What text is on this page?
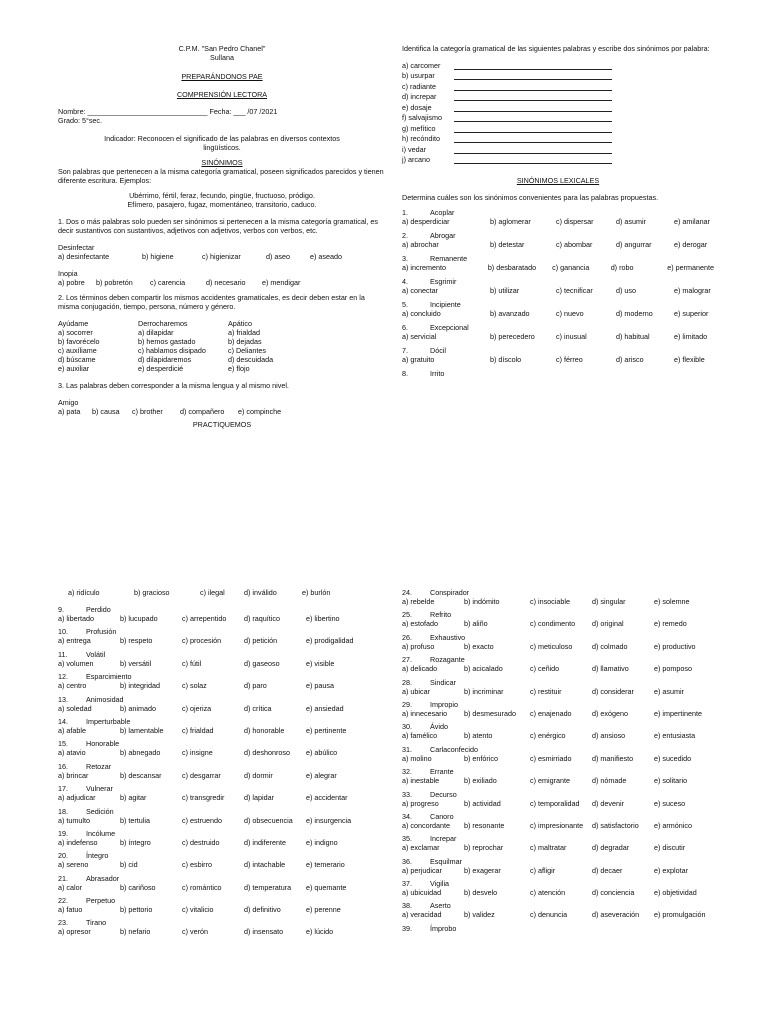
C.P.M. "San Pedro Chanel"

Sullana

PREPARÁNDONOS PAE

COMPRENSIÓN LECTORA

Nombre: ______________________________ Fecha: ___ /07 /2021

Grado: 5°sec.

Indicador: Reconocen el significado de las palabras en diversos contextos lingüísticos.

SINÓNIMOS

Son palabras que pertenecen a la misma categoría gramatical, poseen significados parecidos y tienen diferente escritura. Ejemplos:

Ubérrimo, fértil, feraz, fecundo, pingüe, fructuoso, pródigo.

Efímero, pasajero, fugaz, momentáneo, transitorio, caduco.

1. Dos o más palabras solo pueden ser sinónimos si pertenecen a la misma categoría gramatical, es decir sustantivos con sustantivos, adjetivos con adjetivos, verbos con verbos, etc.

Desinfectar

a) desinfectante	b) higiene	c) higienizar	d) aseo	e) aseado

Inopia

a) pobre	b) pobretón	c) carencia	d) necesario	e) mendigar

2. Los términos deben compartir los mismos accidentes gramaticales, es decir deben estar en la misma conjugación, tiempo, persona, número y género.

Ayúdame	Derrocharemos	Apático
a) socorrer	a) dilapidar	a) frialdad
b) favorécelo	b) hemos gastado	b) dejadas
c) auxíliame	c) hablamos disipado	c) Deliantes
d) búscame	d) dilapidaremos	d) descuidada
e) auxiliar	e) desperdicié	e) flojo

3. Las palabras deben corresponder a la misma lengua y al mismo nivel.

Amigo

a) pata	b) causa	c) brother	d) compañero	e) compinche

PRACTIQUEMOS

Identifica la categoría gramatical de las siguientes palabras y escribe dos sinónimos por palabra:

a) carcomer
b) usurpar
c) radiante
d) increpar
e) dosaje
f) salvajismo
g) mefítico
h) recóndito
i) vedar
j) arcano

SINÓNIMOS LEXICALES

Determina cuáles son los sinónimos convenientes para las palabras propuestas.

1.	Acoplar
a) desperdiciar	b) aglomerar	c) dispersar	d) asumir	e) amilanar
2.	Abrogar
a) abrochar	b) detestar	c) abombar	d) angurrar	e) derogar
3.	Remanente
a) incremento	b) desbaratado	c) ganancia	d) robo	e) permanente
4.	Esgrimir
a) conectar	b) utilizar	c) tecnificar	d) uso	e) malograr
5.	Incipiente
a) concluido	b) avanzado	c) nuevo	d) moderno	e) superior
6.	Excepcional
a) servicial	b) perecedero	c) inusual	d) habitual	e) limitado
7.	Dócil
a) gratuito	b) díscolo	c) férreo	d) arisco	e) flexible
8.	Irrito
a) ridículo	b) gracioso	c) ilegal	d) inválido	e) burlón
9.	Perdido
a) libertado	b) lucupado	c) arrepentido	d) raquítico	e) libertino
10.	Profusión
a) entrega	b) respeto	c) procesión	d) petición	e) prodigalidad
11.	Volátil
a) volumen	b) versátil	c) fútil	d) gaseoso	e) visible
12.	Esparcimiento
a) centro	b) integridad	c) solaz	d) paro	e) pausa
13.	Animosidad
a) soledad	b) animado	c) ojeriza	d) crítica	e) ansiedad
14.	Imperturbable
a) afable	b) lamentable	c) frialdad	d) honorable	e) pertinente
15.	Honorable
a) atavio	b) abnegado	c) insigne	d) deshonroso	e) abúlico
16.	Retozar
a) brincar	b) descansar	c) desgarrar	d) dormir	e) alegrar
17.	Vulnerar
a) adjudicar	b) agitar	c) transgredir	d) lapidar	e) accidentar
18.	Sedición
a) tumulto	b) tertulia	c) estruendo	d) obsecuencia	e) insurgencia
19.	Incólume
a) indefenso	b) íntegro	c) destruido	d) indiferente	e) indigno
20.	Íntegro
a) sereno	b) cid	c) esbirro	d) intachable	e) temerario
21.	Abrasador
a) calor	b) cariñoso	c) romántico	d) temperatura	e) quemante
22.	Perpetuo
a) fatuo	b) pettorio	c) vitalicio	d) definitivo	e) perenne
23.	Tirano
a) opresor	b) nefario	c) verón	d) insensato	e) lúcido
24.	Conspirador
a) rebelde	b) indómito	c) insociable	d) singular	e) solemne
25.	Refrito
a) estofado	b) aliño	c) condimento	d) original	e) remedo
26.	Exhaustivo
a) profuso	b) exacto	c) meticuloso	d) colmado	e) productivo
27.	Rozagante
a) delicado	b) acicalado	c) ceñido	d) llamativo	e) pomposo
28.	Sindicar
a) ubicar	b) incriminar	c) restituir	d) considerar	e) asumir
29.	Impropio
a) innecesario	b) desmesurado	c) enajenado	d) exógeno	e) impertinente
30.	Ávido
a) famélico	b) atento	c) enérgico	d) ansioso	e) entusiasta
31.	Carlaconfecido
a) molino	b) enfórico	c) esmirriado	d) manifiesto	e) sucedido
32.	Errante
a) inestable	b) exiliado	c) emigrante	d) nómade	e) solitario
33.	Decurso
a) progreso	b) actividad	c) temporalidad	d) devenir	e) suceso
34.	Canoro
a) concordante	b) resonante	c) impresionante	d) satisfactorio	e) armónico
35.	Increpar
a) exclamar	b) reprochar	c) maltratar	d) degradar	e) discutir
36.	Esquilmar
a) perjudicar	b) exagerar	c) afligir	d) decaer	e) explotar
37.	Vigilia
a) ubicuidad	b) desvelo	c) atención	d) conciencia	e) objetividad
38.	Aserto
a) veracidad	b) validez	c) denuncia	d) aseveración	e) promulgación
39.	Ímprobo
